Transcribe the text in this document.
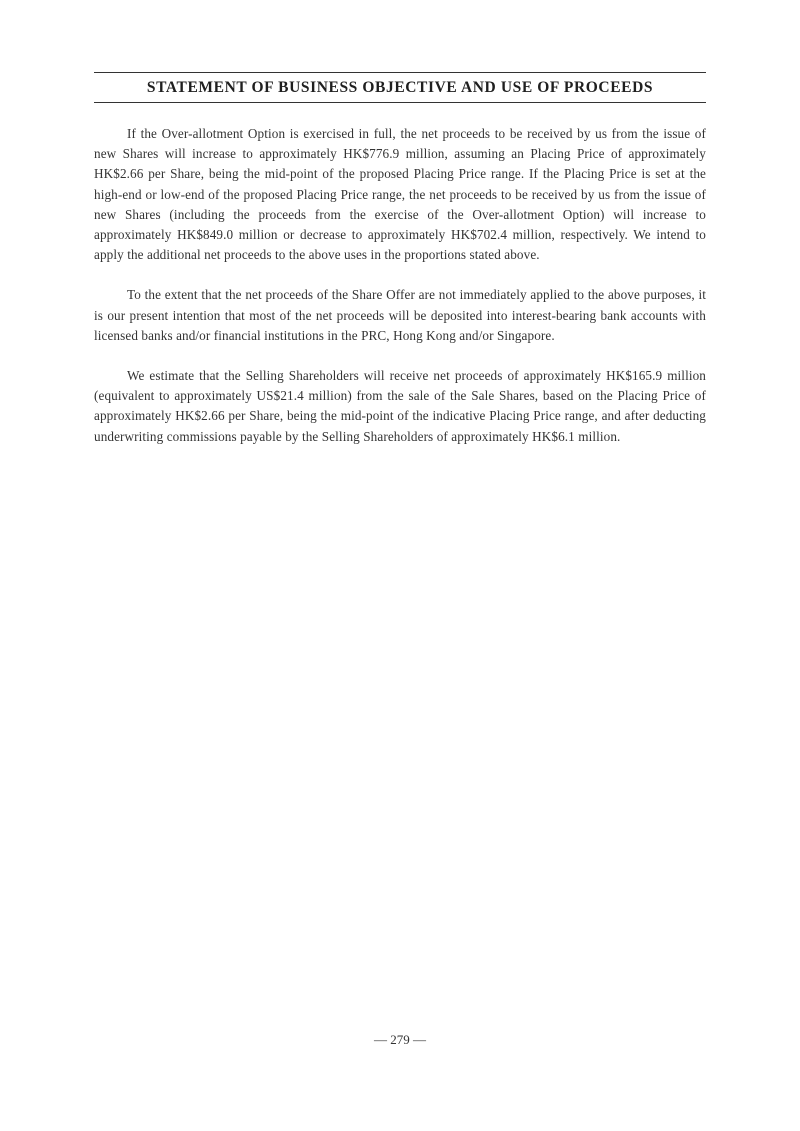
STATEMENT OF BUSINESS OBJECTIVE AND USE OF PROCEEDS

If the Over-allotment Option is exercised in full, the net proceeds to be received by us from the issue of new Shares will increase to approximately HK$776.9 million, assuming an Placing Price of approximately HK$2.66 per Share, being the mid-point of the proposed Placing Price range. If the Placing Price is set at the high-end or low-end of the proposed Placing Price range, the net proceeds to be received by us from the issue of new Shares (including the proceeds from the exercise of the Over-allotment Option) will increase to approximately HK$849.0 million or decrease to approximately HK$702.4 million, respectively. We intend to apply the additional net proceeds to the above uses in the proportions stated above.

To the extent that the net proceeds of the Share Offer are not immediately applied to the above purposes, it is our present intention that most of the net proceeds will be deposited into interest-bearing bank accounts with licensed banks and/or financial institutions in the PRC, Hong Kong and/or Singapore.

We estimate that the Selling Shareholders will receive net proceeds of approximately HK$165.9 million (equivalent to approximately US$21.4 million) from the sale of the Sale Shares, based on the Placing Price of approximately HK$2.66 per Share, being the mid-point of the indicative Placing Price range, and after deducting underwriting commissions payable by the Selling Shareholders of approximately HK$6.1 million.

— 279 —
